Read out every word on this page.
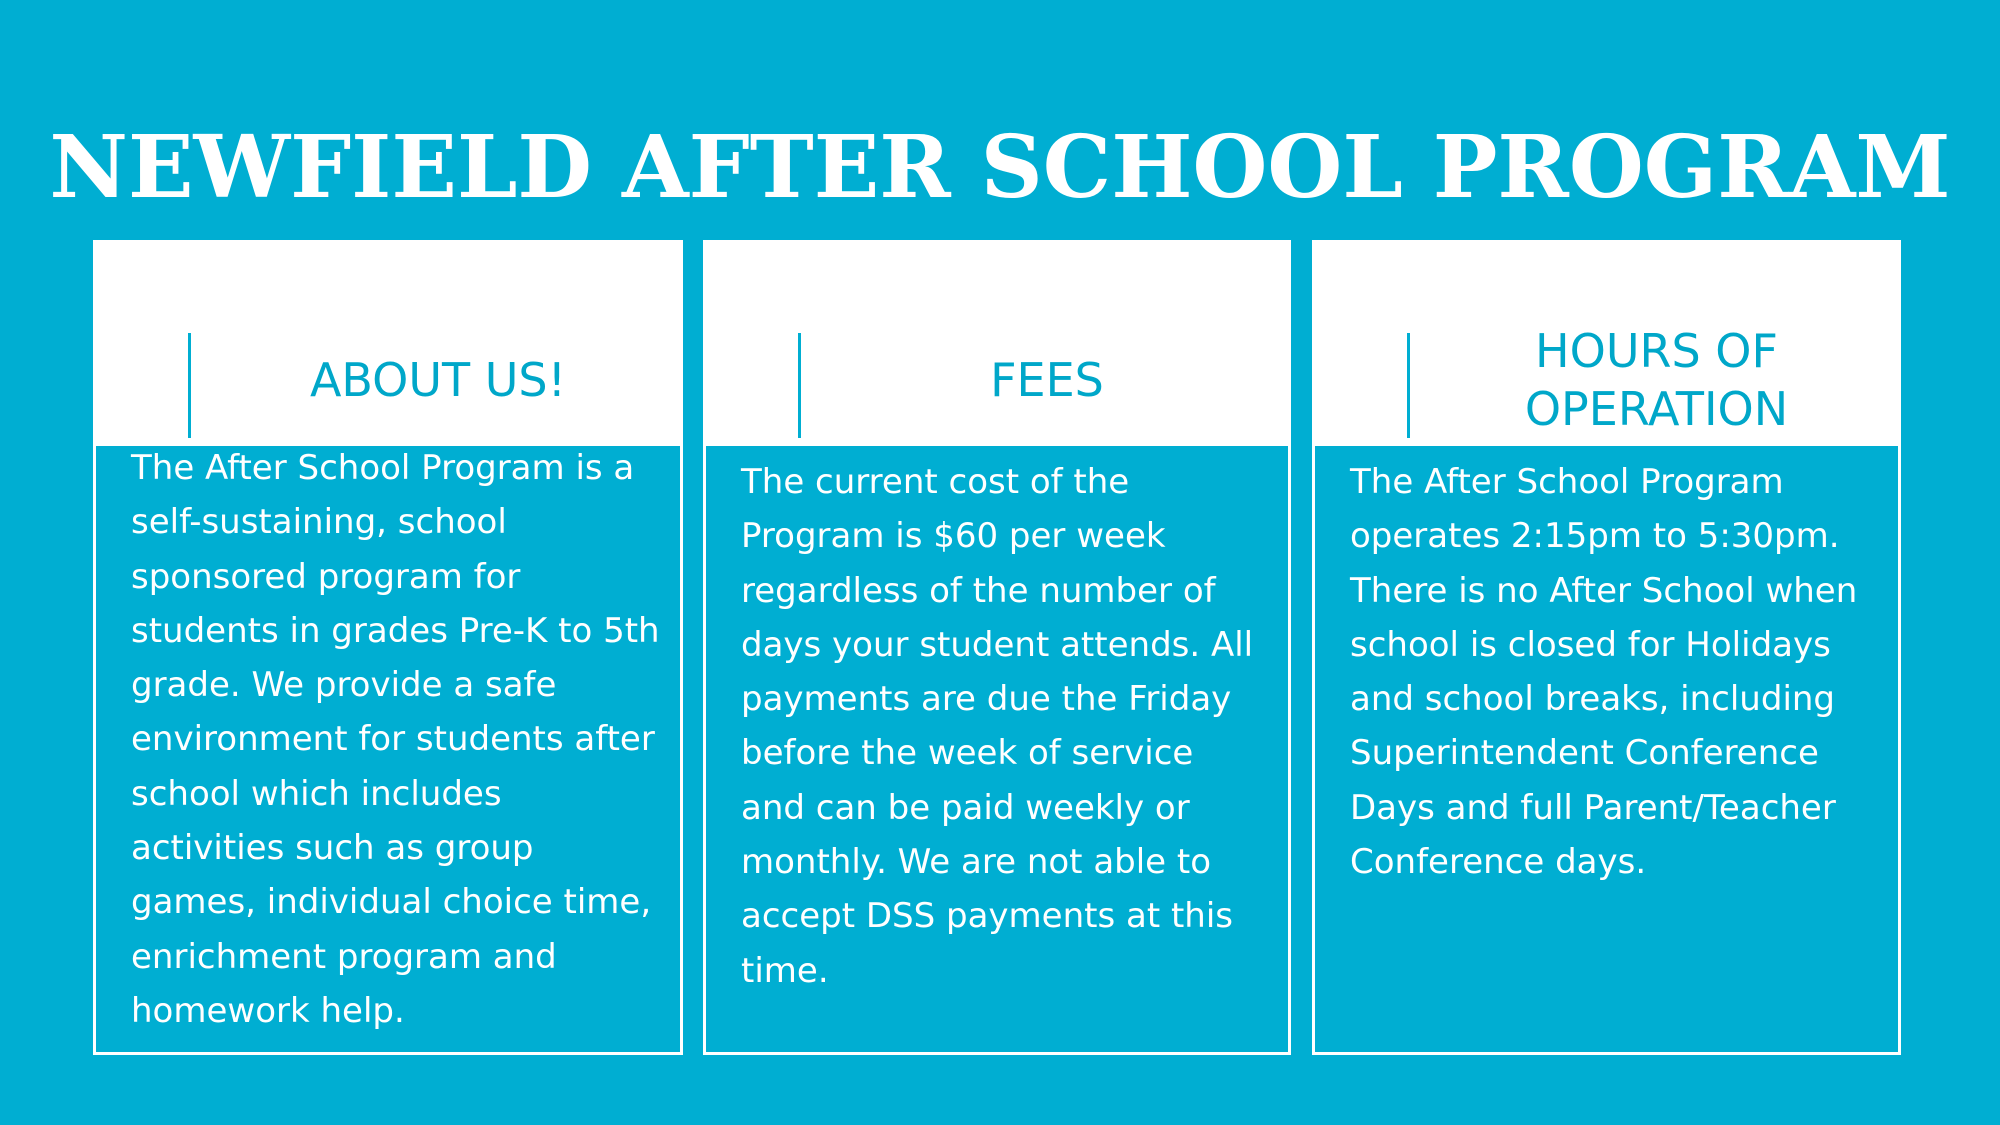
NEWFIELD AFTER SCHOOL PROGRAM
ABOUT US!

The After School Program is a self-sustaining, school sponsored program for students in grades Pre-K to 5th grade. We provide a safe environment for students after school which includes activities such as group games, individual choice time, enrichment program and homework help.

FEES

The current cost of the Program is $60 per week regardless of the number of days your student attends. All payments are due the Friday before the week of service and can be paid weekly or monthly. We are not able to accept DSS payments at this time.

HOURS OF OPERATION

The After School Program operates 2:15pm to 5:30pm. There is no After School when school is closed for Holidays and school breaks, including Superintendent Conference Days and full Parent/Teacher Conference days.
